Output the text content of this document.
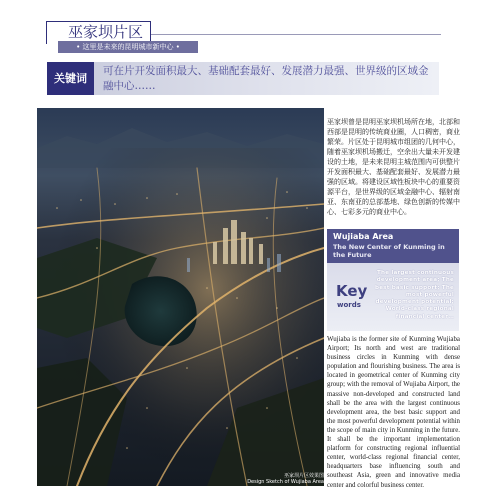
巫家坝片区
• 这里是未来的昆明城市新中心 •
关键词
可在片开发面积最大、基础配套最好、发展潜力最强、世界级的区域金融中心……
巫家坝片区效果图
Design Sketch of Wujiaba Area
巫家坝曾是昆明巫家坝机场所在地，北部和西部是昆明的传统商业圈，人口稠密，商业繁荣。片区处于昆明城市组团的几何中心，随着巫家坝机场搬迁，空余出大量未开发建设的土地，是未来昆明主城范围内可供整片开发面积最大、基础配套最好、发展潜力最强的区域。将建设区域性板块中心的重要资源平台，是世界级的区域金融中心、辐射南亚、东南亚的总部基地、绿色创新的传媒中心、七彩多元的商业中心。
Wujiaba Area
The New Center of Kunming in the Future
Key
words
The largest continuous development area; The best basic support; The most powerful development potential; World-class regional financial center…
Wujiaba is the former site of Kunming Wujiaba Airport; Its north and west are traditional business circles in Kunming with dense population and flourishing business. The area is located in geometrical center of Kunming city group; with the removal of Wujiaba Airport, the massive non-developed and constructed land shall be the area with the largest continuous development area, the best basic support and the most powerful development potential within the scope of main city in Kunming in the future. It shall be the important implementation platform for constructing regional influential center, world-class regional financial center, headquarters base influencing south and southeast Asia, green and innovative media center and colorful business center.
